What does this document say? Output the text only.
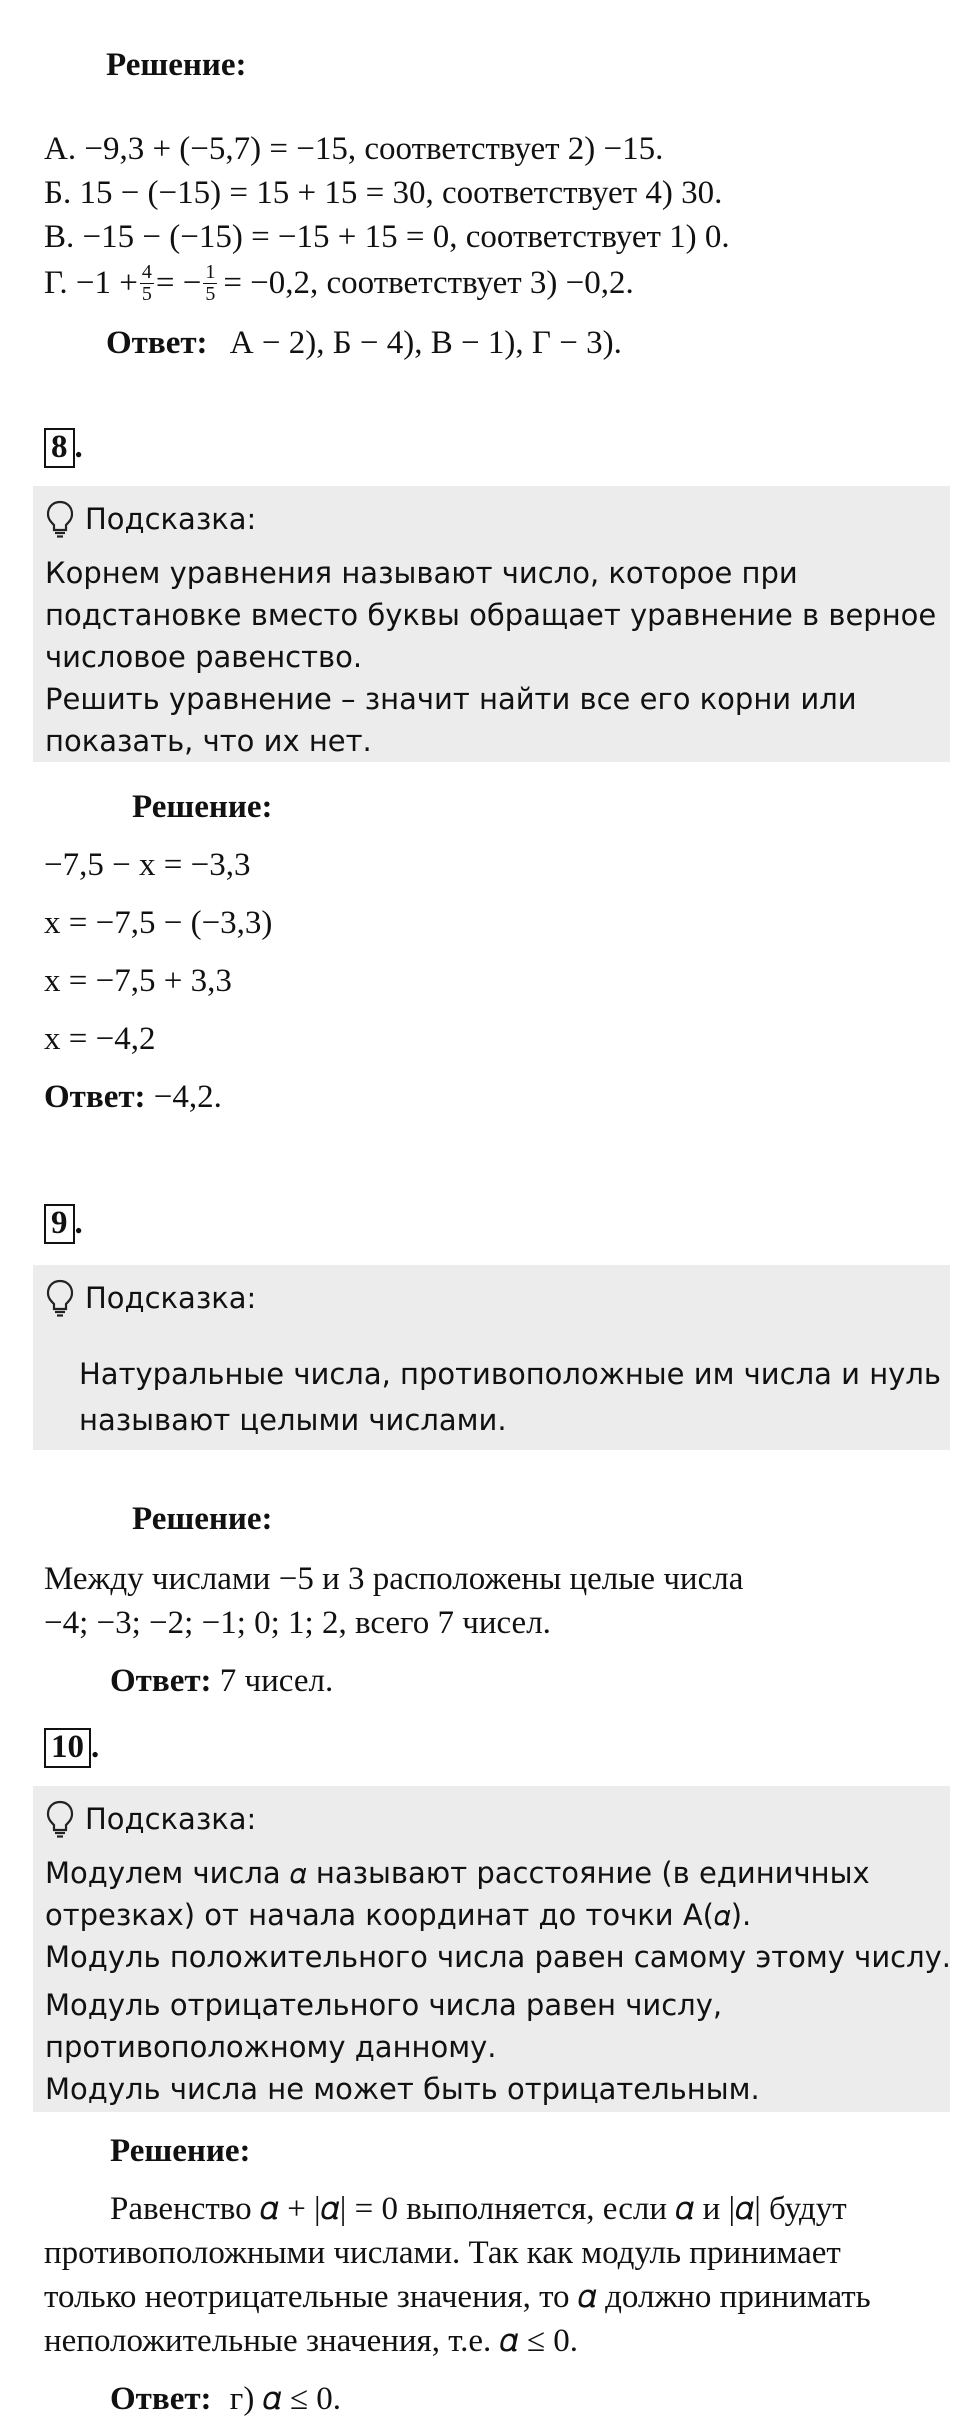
Решение:
А. −9,3 + (−5,7) = −15, соответствует 2) −15.
Б. 15 − (−15) = 15 + 15 = 30, соответствует 4) 30.
В. −15 − (−15) = −15 + 15 = 0, соответствует 1) 0.
Г. $-1 + \frac{4}{5}$ = − $\frac{1}{5} = -0,2$, соответствует 3) −0,2.
Ответ: А − 2), Б − 4), В − 1), Г − 3).
8 .
Подсказка:
Корнем уравнения называют число, которое при
подстановке вместо буквы обращает уравнение в верное
числовое равенство.
Решить уравнение – значит найти все его корни или
показать, что их нет.
Решение:
−7,5 − x = −3,3
x = −7,5 − (−3,3)
x = −7,5 + 3,3
x = −4,2
Ответ: −4,2.
9 .
Подсказка:
Натуральные числа, противоположные им числа и нуль
называют целыми числами.
Решение:
Между числами −5 и 3 расположены целые числа
−4; −3; −2; −1; 0; 1; 2, всего 7 чисел.
Ответ: 7 чисел.
10 .
Подсказка:
Модулем числа 𝛼 называют расстояние (в единичных
отрезках) от начала координат до точки A(𝛼).
Модуль положительного числа равен самому этому числу.
Модуль отрицательного числа равен числу,
противоположному данному.
Модуль числа не может быть отрицательным.
Решение:
Равенство 𝛼 + |𝛼| = 0 выполняется, если 𝛼 и |𝛼| будут
противоположными числами. Так как модуль принимает
только неотрицательные значения, то 𝛼 должно принимать
неположительные значения, т.е. 𝛼 ≤ 0.
Ответ: г) 𝛼 ≤ 0.
